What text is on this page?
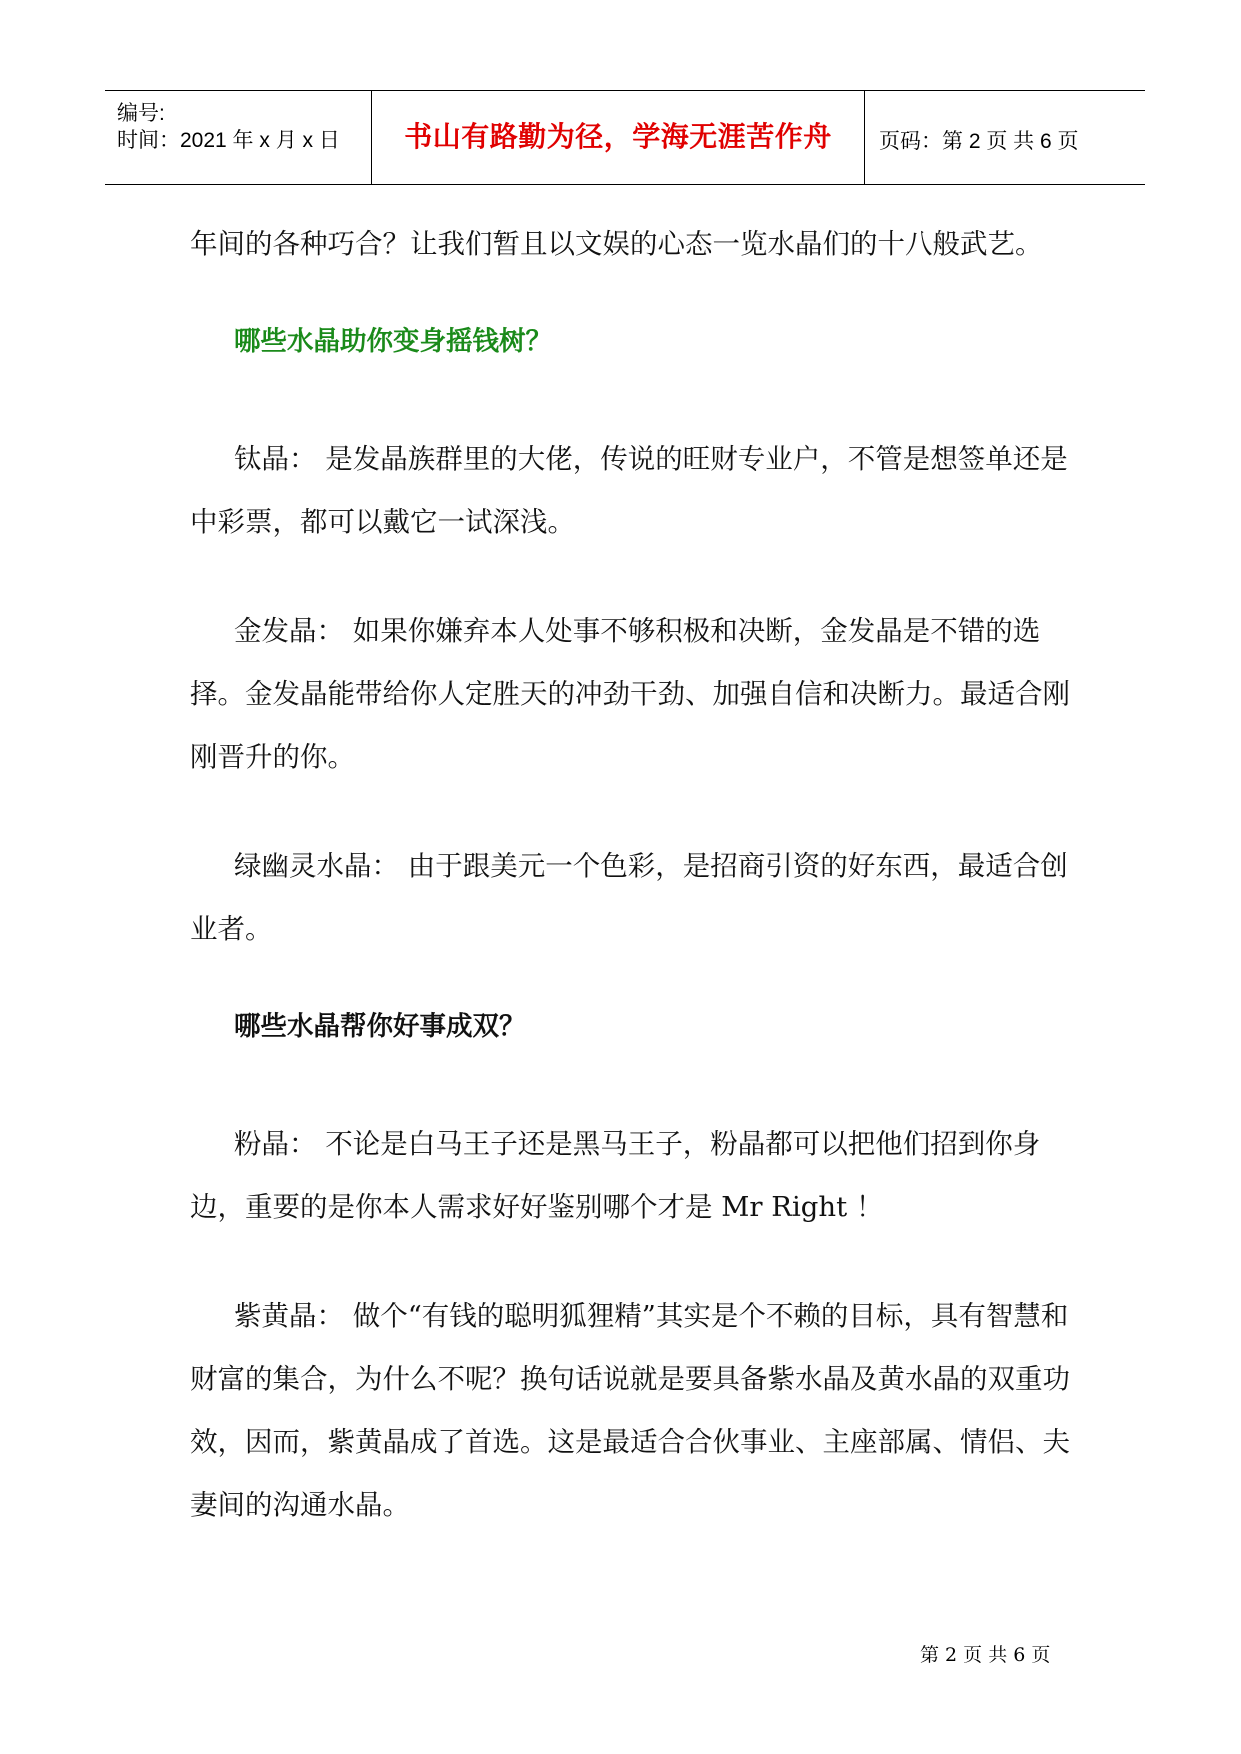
编号:
时间：2021 年 x 月 x 日	书山有路勤为径，学海无涯苦作舟	页码：第 2 页 共 6 页

年间的各种巧合？让我们暂且以文娱的心态一览水晶们的十八般武艺。

哪些水晶助你变身摇钱树？

钛晶： 是发晶族群里的大佬，传说的旺财专业户，不管是想签单还是中彩票，都可以戴它一试深浅。

金发晶： 如果你嫌弃本人处事不够积极和决断，金发晶是不错的选择。金发晶能带给你人定胜天的冲劲干劲、加强自信和决断力。最适合刚刚晋升的你。

绿幽灵水晶： 由于跟美元一个色彩，是招商引资的好东西，最适合创业者。

哪些水晶帮你好事成双？

粉晶： 不论是白马王子还是黑马王子，粉晶都可以把他们招到你身边，重要的是你本人需求好好鉴别哪个才是 Mr Right ！

紫黄晶： 做个“有钱的聪明狐狸精”其实是个不赖的目标，具有智慧和财富的集合，为什么不呢？换句话说就是要具备紫水晶及黄水晶的双重功效，因而，紫黄晶成了首选。这是最适合合伙事业、主座部属、情侣、夫妻间的沟通水晶。

第 2 页 共 6 页
